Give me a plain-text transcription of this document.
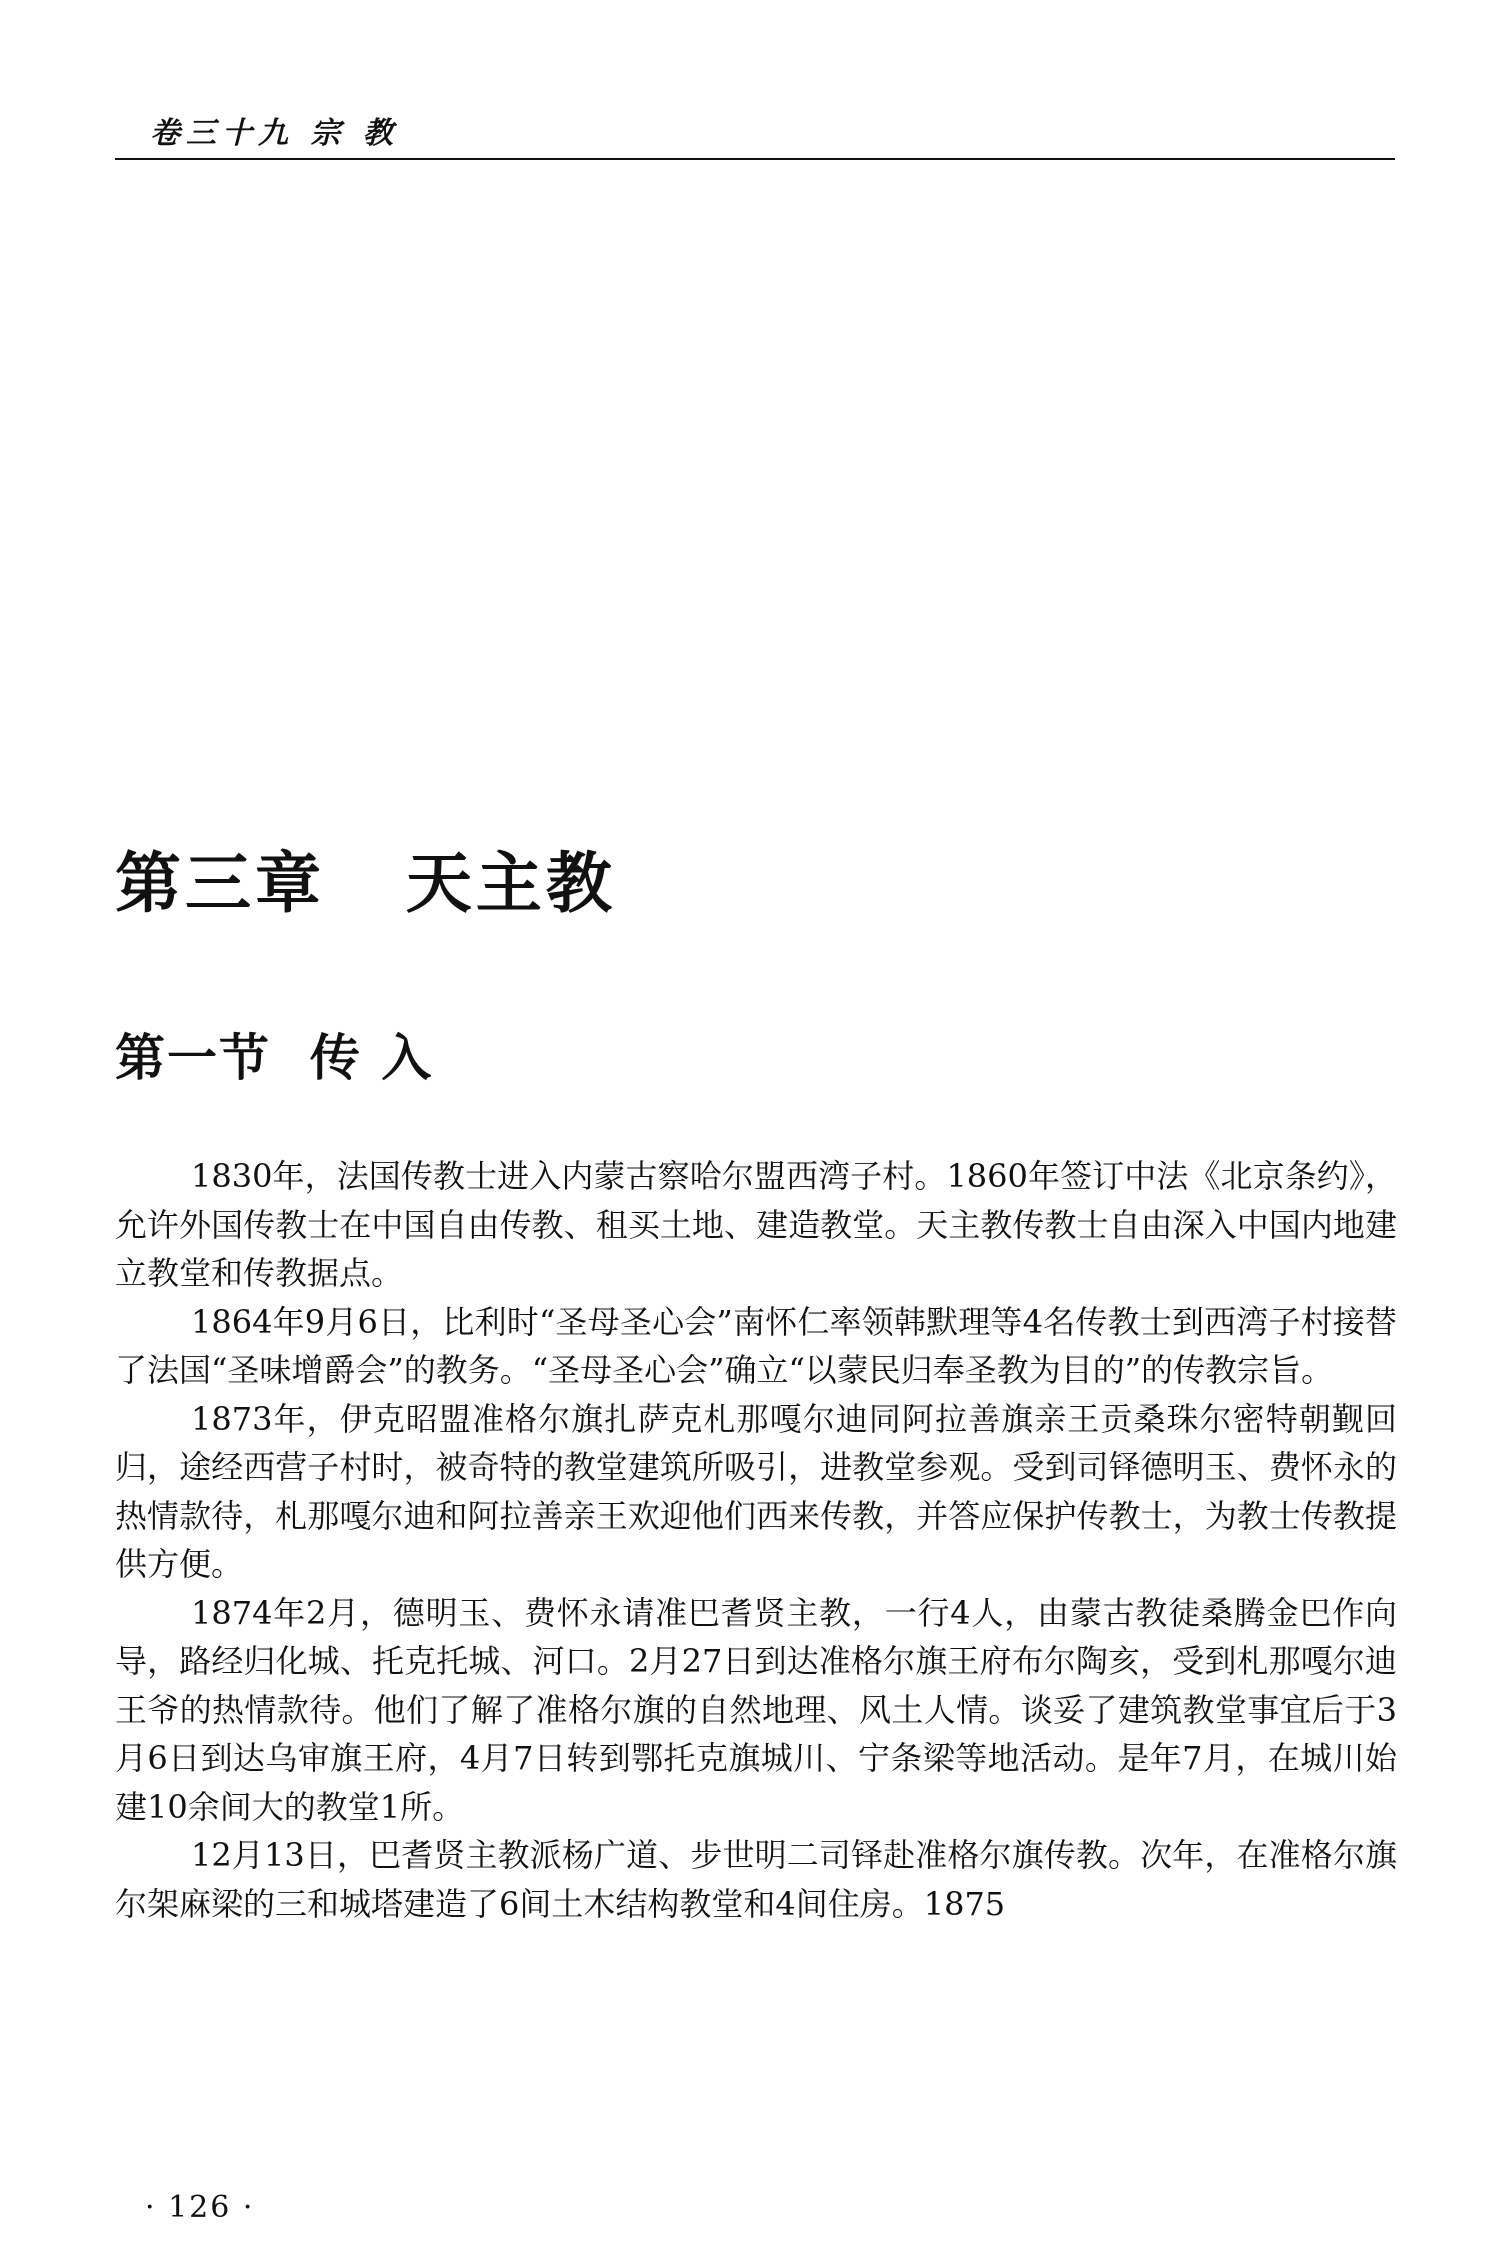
卷三十九 宗 教
第三章   天主教
第一节  传 入

1830年，法国传教士进入内蒙古察哈尔盟西湾子村。1860年签订中法《北京条约》，允许外国传教士在中国自由传教、租买土地、建造教堂。天主教传教士自由深入中国内地建立教堂和传教据点。

1864年9月6日，比利时“圣母圣心会”南怀仁率领韩默理等4名传教士到西湾子村接替了法国“圣味增爵会”的教务。“圣母圣心会”确立“以蒙民归奉圣教为目的”的传教宗旨。

1873年，伊克昭盟准格尔旗扎萨克札那嘎尔迪同阿拉善旗亲王贡桑珠尔密特朝觐回归，途经西营子村时，被奇特的教堂建筑所吸引，进教堂参观。受到司铎德明玉、费怀永的热情款待，札那嘎尔迪和阿拉善亲王欢迎他们西来传教，并答应保护传教士，为教士传教提供方便。

1874年2月，德明玉、费怀永请准巴耆贤主教，一行4人，由蒙古教徒桑腾金巴作向导，路经归化城、托克托城、河口。2月27日到达准格尔旗王府布尔陶亥，受到札那嘎尔迪王爷的热情款待。他们了解了准格尔旗的自然地理、风土人情。谈妥了建筑教堂事宜后于3月6日到达乌审旗王府，4月7日转到鄂托克旗城川、宁条梁等地活动。是年7月，在城川始建10余间大的教堂1所。

12月13日，巴耆贤主教派杨广道、步世明二司铎赴准格尔旗传教。次年，在准格尔旗尔架麻梁的三和城塔建造了6间土木结构教堂和4间住房。1875

· 126 ·
